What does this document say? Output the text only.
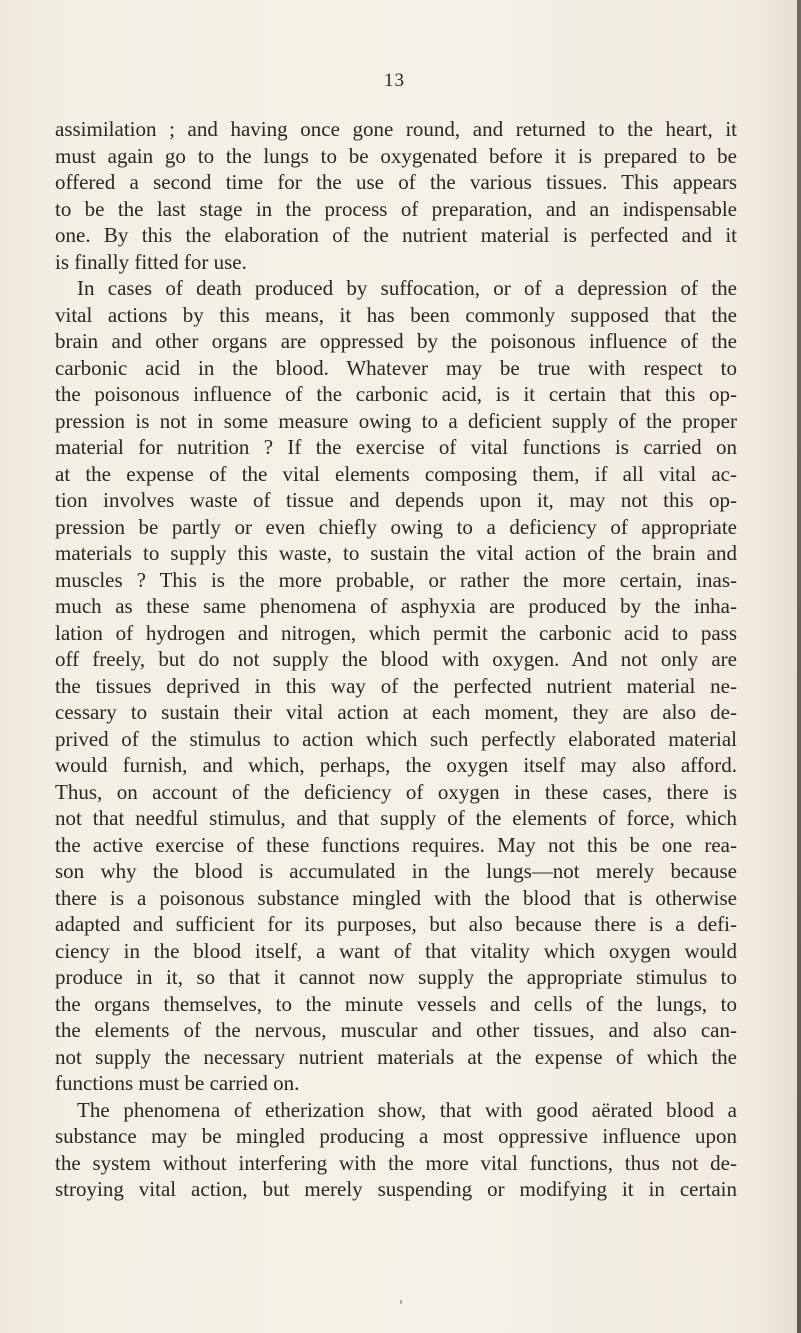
13
assimilation ; and having once gone round, and returned to the heart, it
must again go to the lungs to be oxygenated before it is prepared to be
offered a second time for the use of the various tissues. This appears
to be the last stage in the process of preparation, and an indispensable
one. By this the elaboration of the nutrient material is perfected and it
is finally fitted for use.
In cases of death produced by suffocation, or of a depression of the
vital actions by this means, it has been commonly supposed that the
brain and other organs are oppressed by the poisonous influence of the
carbonic acid in the blood. Whatever may be true with respect to
the poisonous influence of the carbonic acid, is it certain that this op-
pression is not in some measure owing to a deficient supply of the proper
material for nutrition ? If the exercise of vital functions is carried on
at the expense of the vital elements composing them, if all vital ac-
tion involves waste of tissue and depends upon it, may not this op-
pression be partly or even chiefly owing to a deficiency of appropriate
materials to supply this waste, to sustain the vital action of the brain and
muscles ? This is the more probable, or rather the more certain, inas-
much as these same phenomena of asphyxia are produced by the inha-
lation of hydrogen and nitrogen, which permit the carbonic acid to pass
off freely, but do not supply the blood with oxygen. And not only are
the tissues deprived in this way of the perfected nutrient material ne-
cessary to sustain their vital action at each moment, they are also de-
prived of the stimulus to action which such perfectly elaborated material
would furnish, and which, perhaps, the oxygen itself may also afford.
Thus, on account of the deficiency of oxygen in these cases, there is
not that needful stimulus, and that supply of the elements of force, which
the active exercise of these functions requires. May not this be one rea-
son why the blood is accumulated in the lungs—not merely because
there is a poisonous substance mingled with the blood that is otherwise
adapted and sufficient for its purposes, but also because there is a defi-
ciency in the blood itself, a want of that vitality which oxygen would
produce in it, so that it cannot now supply the appropriate stimulus to
the organs themselves, to the minute vessels and cells of the lungs, to
the elements of the nervous, muscular and other tissues, and also can-
not supply the necessary nutrient materials at the expense of which the
functions must be carried on.
The phenomena of etherization show, that with good aërated blood a
substance may be mingled producing a most oppressive influence upon
the system without interfering with the more vital functions, thus not de-
stroying vital action, but merely suspending or modifying it in certain
